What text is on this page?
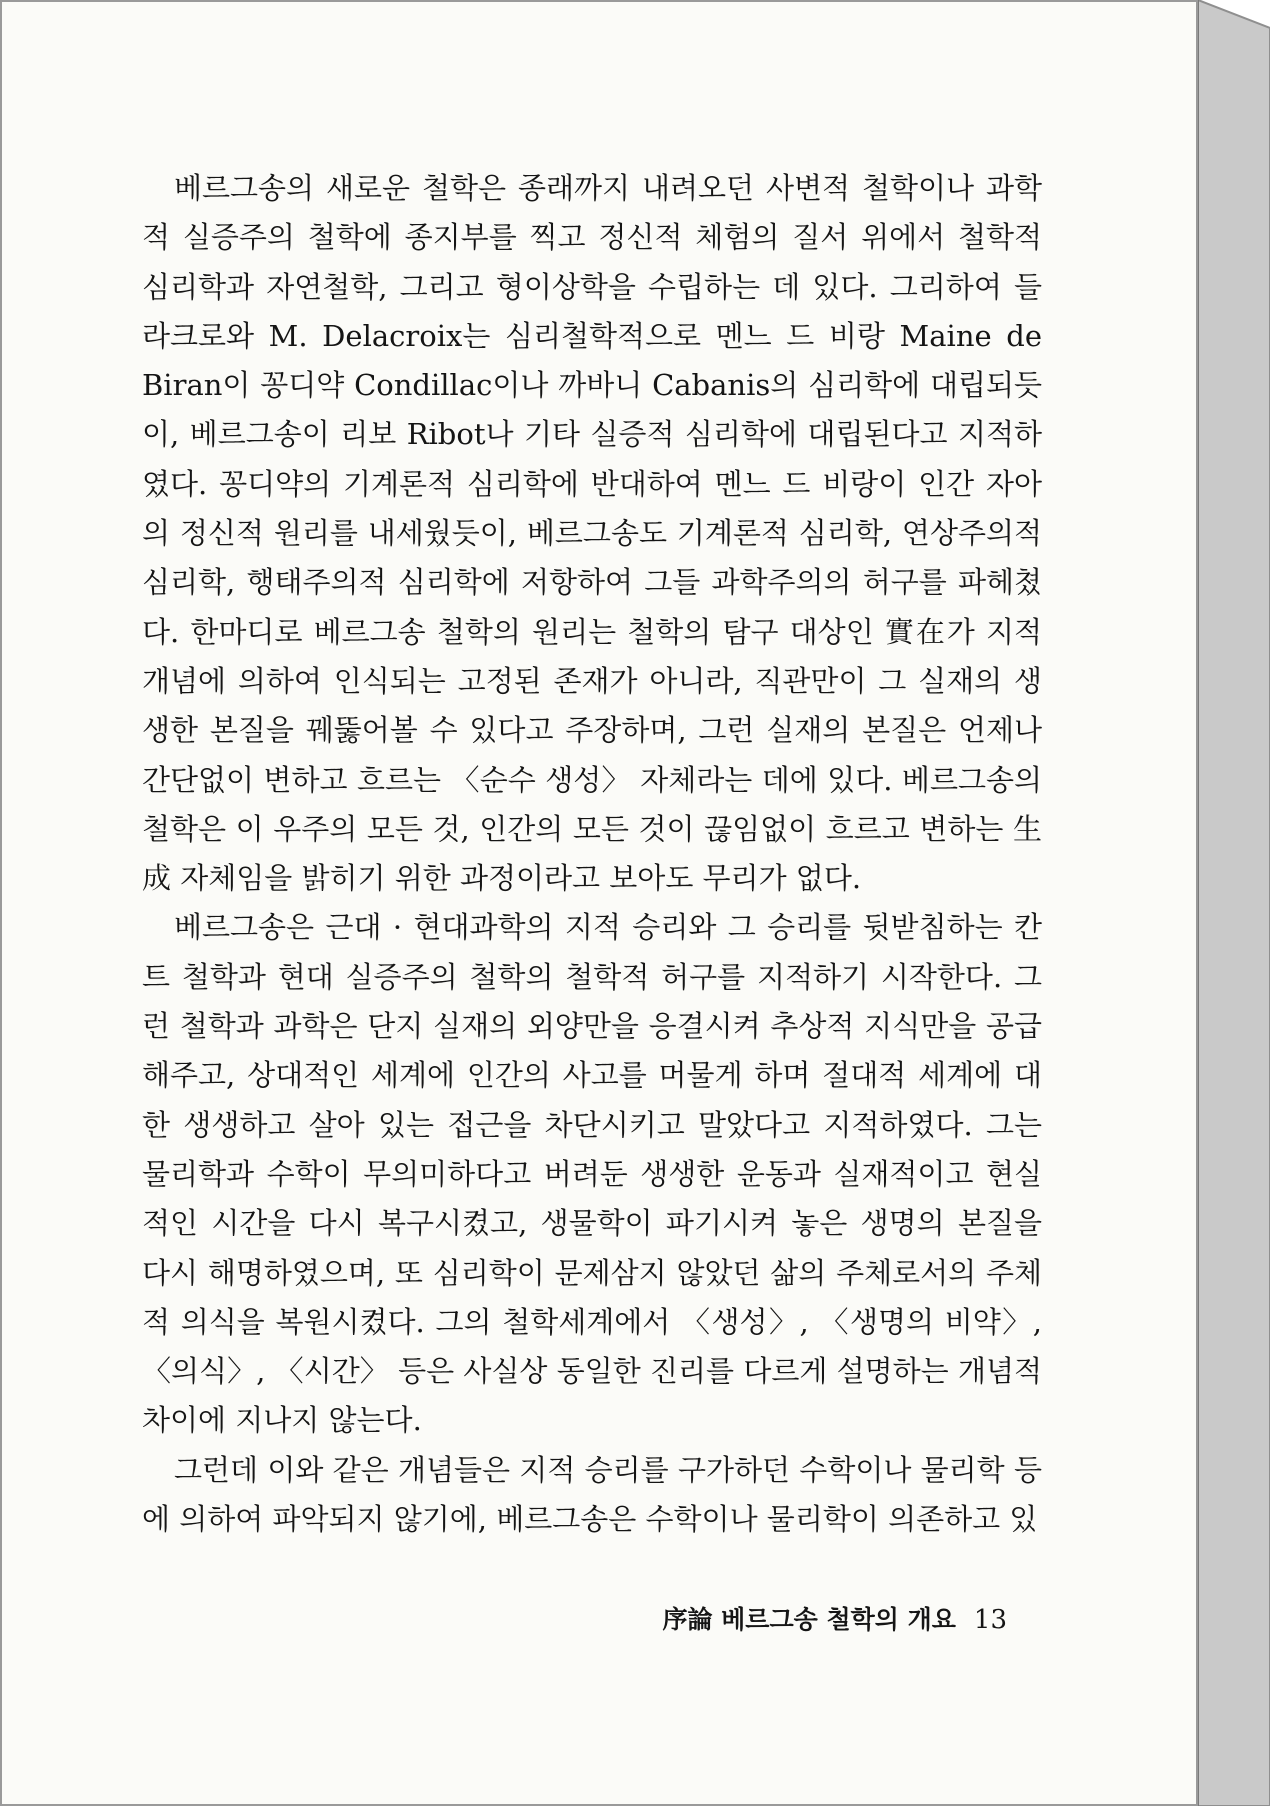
베르그송의 새로운 철학은 종래까지 내려오던 사변적 철학이나 과학적 실증주의 철학에 종지부를 찍고 정신적 체험의 질서 위에서 철학적 심리학과 자연철학, 그리고 형이상학을 수립하는 데 있다. 그리하여 들라크로와 M. Delacroix는 심리철학적으로 멘느 드 비랑 Maine de Biran이 꽁디약 Condillac이나 까바니 Cabanis의 심리학에 대립되듯이, 베르그송이 리보 Ribot나 기타 실증적 심리학에 대립된다고 지적하였다. 꽁디약의 기계론적 심리학에 반대하여 멘느 드 비랑이 인간 자아의 정신적 원리를 내세웠듯이, 베르그송도 기계론적 심리학, 연상주의적 심리학, 행태주의적 심리학에 저항하여 그들 과학주의의 허구를 파헤쳤다. 한마디로 베르그송 철학의 원리는 철학의 탐구 대상인 實在가 지적 개념에 의하여 인식되는 고정된 존재가 아니라, 직관만이 그 실재의 생생한 본질을 꿰뚫어볼 수 있다고 주장하며, 그런 실재의 본질은 언제나 간단없이 변하고 흐르는 〈순수 생성〉 자체라는 데에 있다. 베르그송의 철학은 이 우주의 모든 것, 인간의 모든 것이 끊임없이 흐르고 변하는 生成 자체임을 밝히기 위한 과정이라고 보아도 무리가 없다.

베르그송은 근대 · 현대과학의 지적 승리와 그 승리를 뒷받침하는 칸트 철학과 현대 실증주의 철학의 철학적 허구를 지적하기 시작한다. 그런 철학과 과학은 단지 실재의 외양만을 응결시켜 추상적 지식만을 공급해주고, 상대적인 세계에 인간의 사고를 머물게 하며 절대적 세계에 대한 생생하고 살아 있는 접근을 차단시키고 말았다고 지적하였다. 그는 물리학과 수학이 무의미하다고 버려둔 생생한 운동과 실재적이고 현실적인 시간을 다시 복구시켰고, 생물학이 파기시켜 놓은 생명의 본질을 다시 해명하였으며, 또 심리학이 문제삼지 않았던 삶의 주체로서의 주체적 의식을 복원시켰다. 그의 철학세계에서 〈생성〉, 〈생명의 비약〉, 〈의식〉, 〈시간〉 등은 사실상 동일한 진리를 다르게 설명하는 개념적 차이에 지나지 않는다.

그런데 이와 같은 개념들은 지적 승리를 구가하던 수학이나 물리학 등에 의하여 파악되지 않기에, 베르그송은 수학이나 물리학이 의존하고 있

序論 베르그송 철학의 개요 13
